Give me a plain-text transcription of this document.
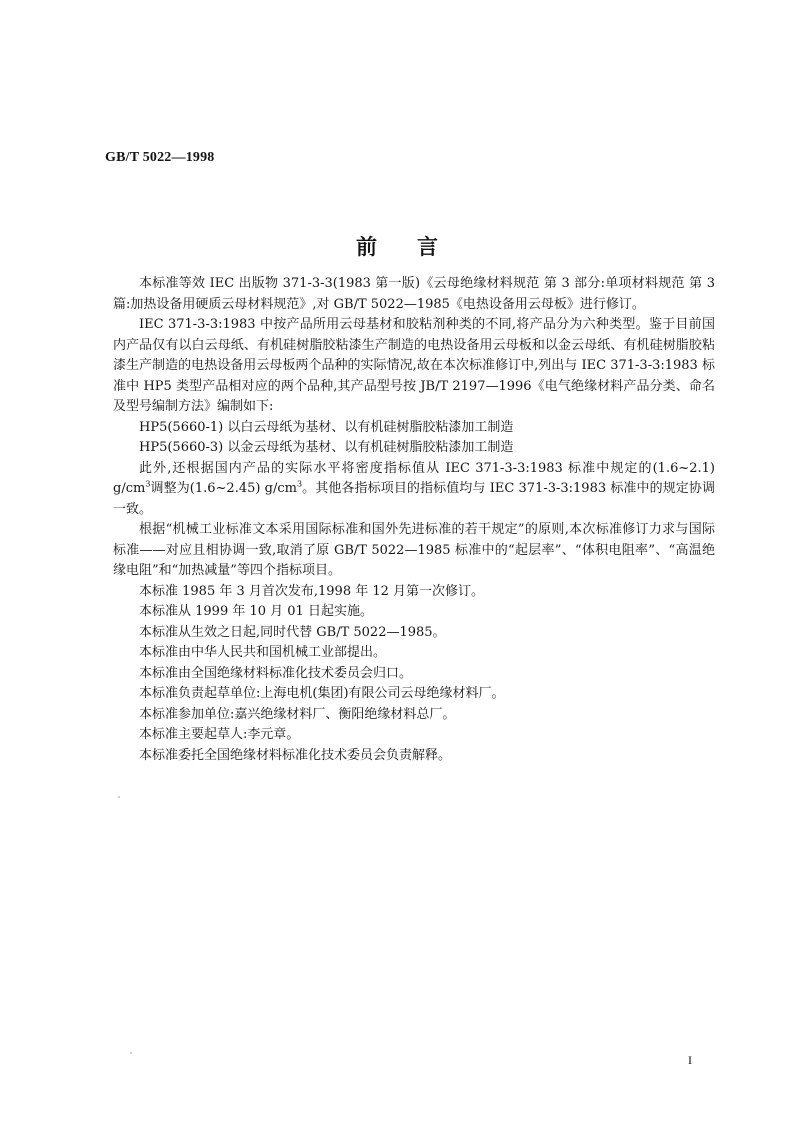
GB/T 5022—1998
前言

本标准等效 IEC 出版物 371-3-3(1983 第一版)《云母绝缘材料规范 第 3 部分:单项材料规范 第 3 篇:加热设备用硬质云母材料规范》,对 GB/T 5022—1985《电热设备用云母板》进行修订。

IEC 371-3-3:1983 中按产品所用云母基材和胶粘剂种类的不同,将产品分为六种类型。鉴于目前国内产品仅有以白云母纸、有机硅树脂胶粘漆生产制造的电热设备用云母板和以金云母纸、有机硅树脂胶粘漆生产制造的电热设备用云母板两个品种的实际情况,故在本次标准修订中,列出与 IEC 371-3-3:1983 标准中 HP5 类型产品相对应的两个品种,其产品型号按 JB/T 2197—1996《电气绝缘材料产品分类、命名及型号编制方法》编制如下:

HP5(5660-1) 以白云母纸为基材、以有机硅树脂胶粘漆加工制造

HP5(5660-3) 以金云母纸为基材、以有机硅树脂胶粘漆加工制造

此外,还根据国内产品的实际水平将密度指标值从 IEC 371-3-3:1983 标准中规定的(1.6~2.1) $g/cm^3$调整为(1.6~2.45) $g/cm^3$。其他各指标项目的指标值均与 IEC 371-3-3:1983 标准中的规定协调一致。

根据“机械工业标准文本采用国际标准和国外先进标准的若干规定”的原则,本次标准修订力求与国际标准——对应且相协调一致,取消了原 GB/T 5022—1985 标准中的“起层率”、“体积电阻率”、“高温绝缘电阻”和“加热减量”等四个指标项目。

本标准 1985 年 3 月首次发布,1998 年 12 月第一次修订。

本标准从 1999 年 10 月 01 日起实施。

本标准从生效之日起,同时代替 GB/T 5022—1985。

本标准由中华人民共和国机械工业部提出。

本标准由全国绝缘材料标准化技术委员会归口。

本标准负责起草单位:上海电机(集团)有限公司云母绝缘材料厂。

本标准参加单位:嘉兴绝缘材料厂、衡阳绝缘材料总厂。

本标准主要起草人:李元章。

本标准委托全国绝缘材料标准化技术委员会负责解释。

I
